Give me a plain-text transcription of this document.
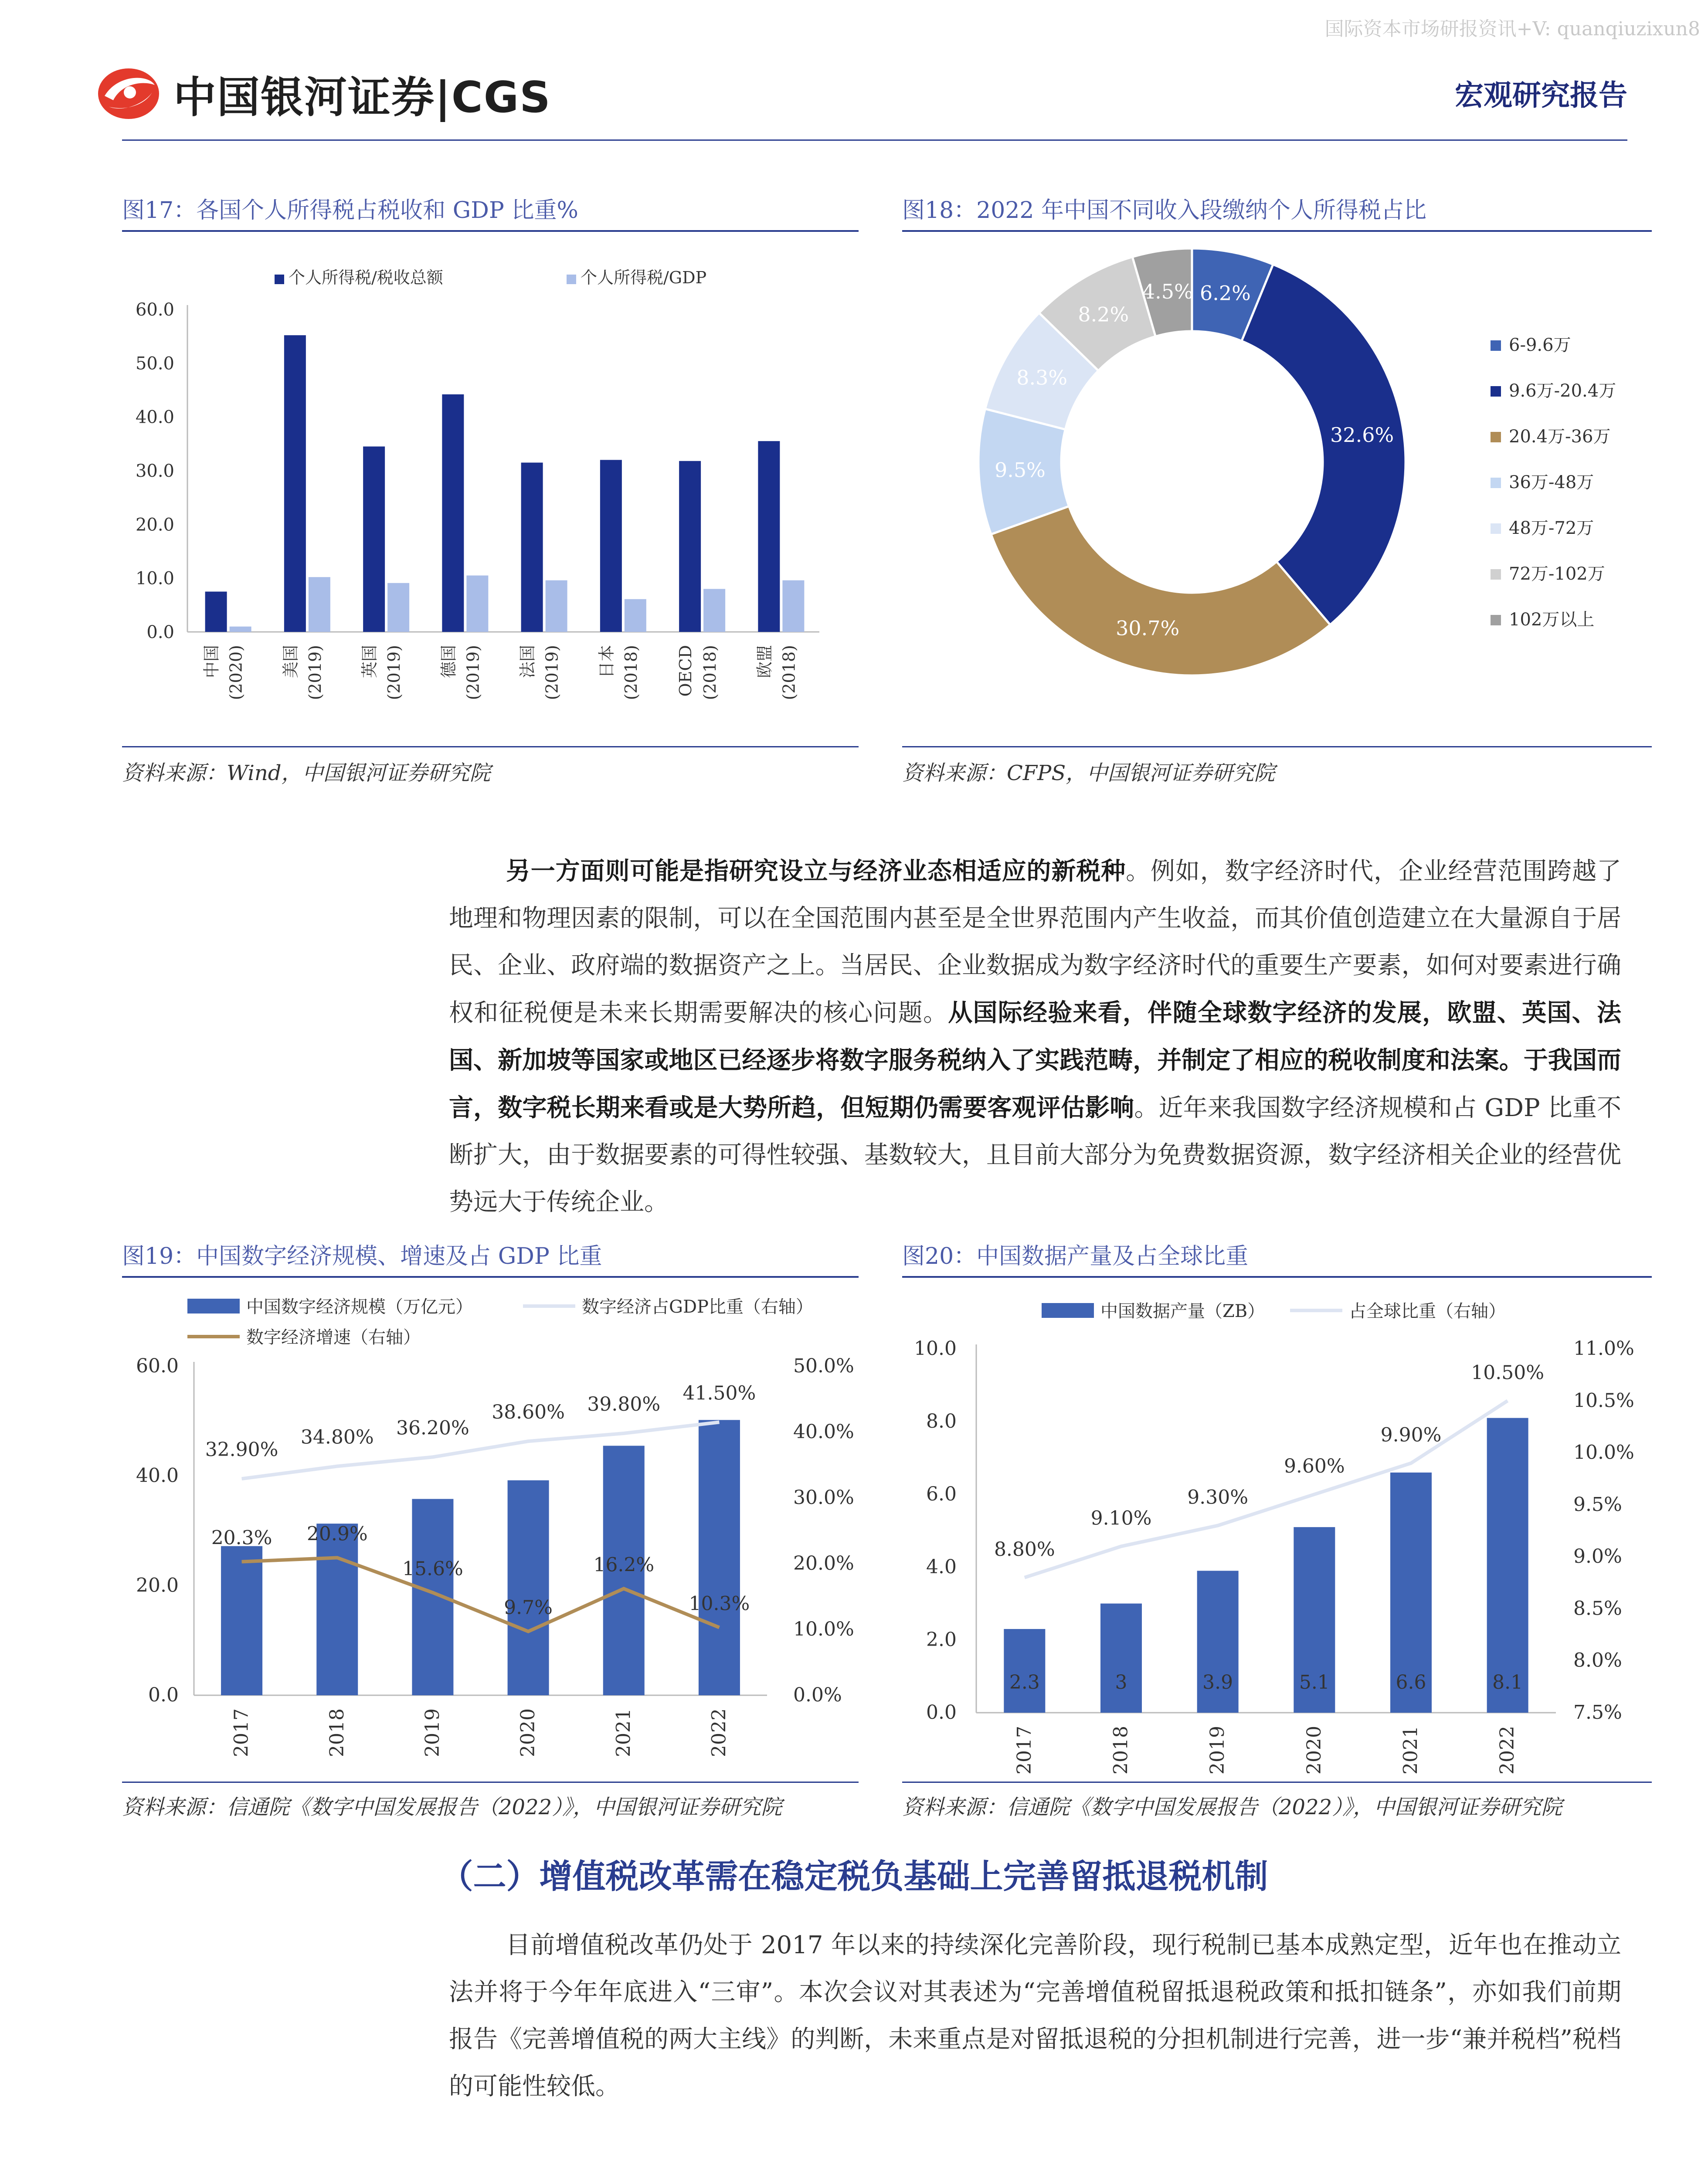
国际资本市场研报资讯+V: quanqiuzixun8
中国银河证券|CGS	宏观研究报告
图17：各国个人所得税占税收和 GDP 比重%	图18：2022 年中国不同收入段缴纳个人所得税占比
个人所得税/税收总额	个人所得税/GDP
0.0
10.0
20.0
30.0
40.0
50.0
60.0
中国 (2020) 美国 (2019) 英国 (2019) 德国 (2019) 法国 (2019) 日本 (2018) OECD (2018) 欧盟 (2018)
6.2%
32.6%
30.7%
9.5%
8.3%
8.2%
4.5%
6-9.6万
9.6万-20.4万
20.4万-36万
36万-48万
48万-72万
72万-102万
102万以上
资料来源：Wind，中国银河证券研究院	资料来源：CFPS，中国银河证券研究院
另一方面则可能是指研究设立与经济业态相适应的新税种。例如，数字经济时代，企业经营范围跨越了地理和物理因素的限制，可以在全国范围内甚至是全世界范围内产生收益，而其价值创造建立在大量源自于居民、企业、政府端的数据资产之上。当居民、企业数据成为数字经济时代的重要生产要素，如何对要素进行确权和征税便是未来长期需要解决的核心问题。从国际经验来看，伴随全球数字经济的发展，欧盟、英国、法国、新加坡等国家或地区已经逐步将数字服务税纳入了实践范畴，并制定了相应的税收制度和法案。于我国而言，数字税长期来看或是大势所趋，但短期仍需要客观评估影响。近年来我国数字经济规模和占 GDP 比重不断扩大，由于数据要素的可得性较强、基数较大，且目前大部分为免费数据资源，数字经济相关企业的经营优势远大于传统企业。
图19：中国数字经济规模、增速及占 GDP 比重	图20：中国数据产量及占全球比重
中国数字经济规模（万亿元）	数字经济占GDP比重（右轴）
数字经济增速（右轴）
0.0
20.0
40.0
60.0
0.0%
10.0%
20.0%
30.0%
40.0%
50.0%
32.90%
34.80% 36.20%
38.60% 39.80%
41.50%
20.3% 20.9%
15.6%
9.7%
16.2%
10.3%
2017	2018	2019	2020	2021	2022
中国数据产量（ZB）	占全球比重（右轴）
0.0
2.0
4.0
6.0
8.0
10.0
7.5%
8.0%
8.5%
9.0%
9.5%
10.0%
10.5%
11.0%
2.3	3	3.9	5.1	6.6	8.1
8.80%
9.10%
9.30%
9.60%
9.90%
10.50%
2017	2018	2019	2020	2021	2022
资料来源：信通院《数字中国发展报告（2022）》，中国银河证券研究院	资料来源：信通院《数字中国发展报告（2022）》，中国银河证券研究院
（二）增值税改革需在稳定税负基础上完善留抵退税机制
目前增值税改革仍处于 2017 年以来的持续深化完善阶段，现行税制已基本成熟定型，近年也在推动立法并将于今年年底进入“三审”。本次会议对其表述为“完善增值税留抵退税政策和抵扣链条”，亦如我们前期报告《完善增值税的两大主线》的判断，未来重点是对留抵退税的分担机制进行完善，进一步“兼并税档”税档的可能性较低。
